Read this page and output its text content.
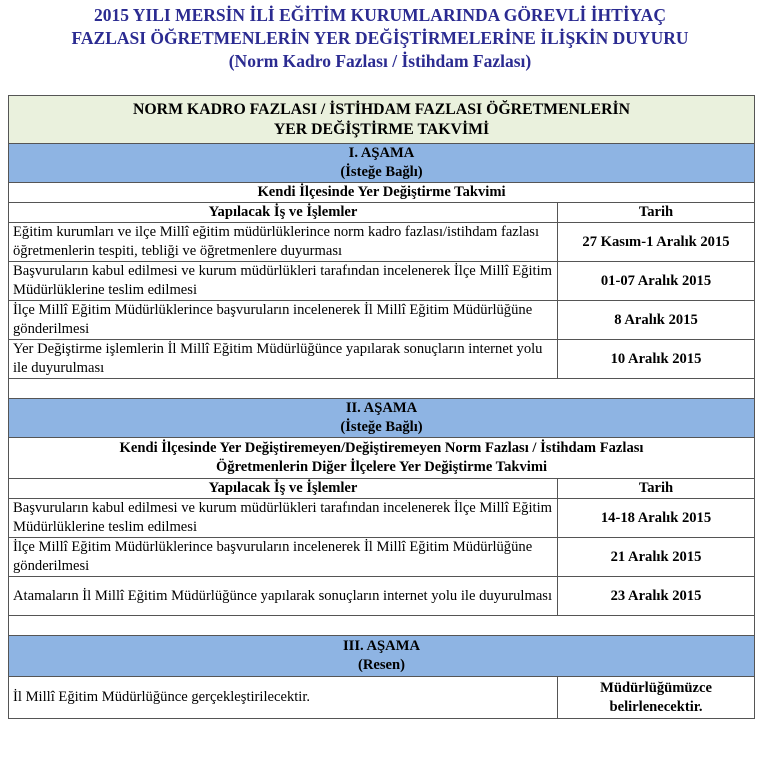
2015 YILI MERSİN İLİ EĞİTİM KURUMLARINDA GÖREVLİ İHTİYAÇ
FAZLASI ÖĞRETMENLERİN YER DEĞİŞTİRMELERİNE İLİŞKİN DUYURU
(Norm Kadro Fazlası / İstihdam Fazlası)
NORM KADRO FAZLASI / İSTİHDAM FAZLASI ÖĞRETMENLERİN
YER DEĞİŞTİRME TAKVİMİ	

I. AŞAMA
(İsteğe Bağlı)	

Kendi İlçesinde Yer Değiştirme Takvimi	
Yapılacak İş ve İşlemler	Tarih
Eğitim kurumları ve ilçe Millî eğitim müdürlüklerince norm kadro fazlası/istihdam fazlası öğretmenlerin tespiti, tebliği ve öğretmenlere duyurması	27 Kasım-1 Aralık 2015
Başvuruların kabul edilmesi ve kurum müdürlükleri tarafından incelenerek İlçe Millî Eğitim Müdürlüklerine teslim edilmesi	01-07 Aralık 2015
İlçe Millî Eğitim Müdürlüklerince başvuruların incelenerek İl Millî Eğitim Müdürlüğüne gönderilmesi	8 Aralık 2015
Yer Değiştirme işlemlerin İl Millî Eğitim Müdürlüğünce yapılarak sonuçların internet yolu ile duyurulması	10 Aralık 2015

II. AŞAMA
(İsteğe Bağlı)	

Kendi İlçesinde Yer Değiştiremeyen/Değiştiremeyen Norm Fazlası / İstihdam Fazlası
Öğretmenlerin Diğer İlçelere Yer Değiştirme Takvimi	

Yapılacak İş ve İşlemler	Tarih
Başvuruların kabul edilmesi ve kurum müdürlükleri tarafından incelenerek İlçe Millî Eğitim Müdürlüklerine teslim edilmesi	14-18 Aralık 2015
İlçe Millî Eğitim Müdürlüklerince başvuruların incelenerek İl Millî Eğitim Müdürlüğüne gönderilmesi	21 Aralık 2015
Atamaların İl Millî Eğitim Müdürlüğünce yapılarak sonuçların internet yolu ile duyurulması	23 Aralık 2015

III. AŞAMA
(Resen)	

İl Millî Eğitim Müdürlüğünce gerçekleştirilecektir.	Müdürlüğümüzce
belirlenecektir.
